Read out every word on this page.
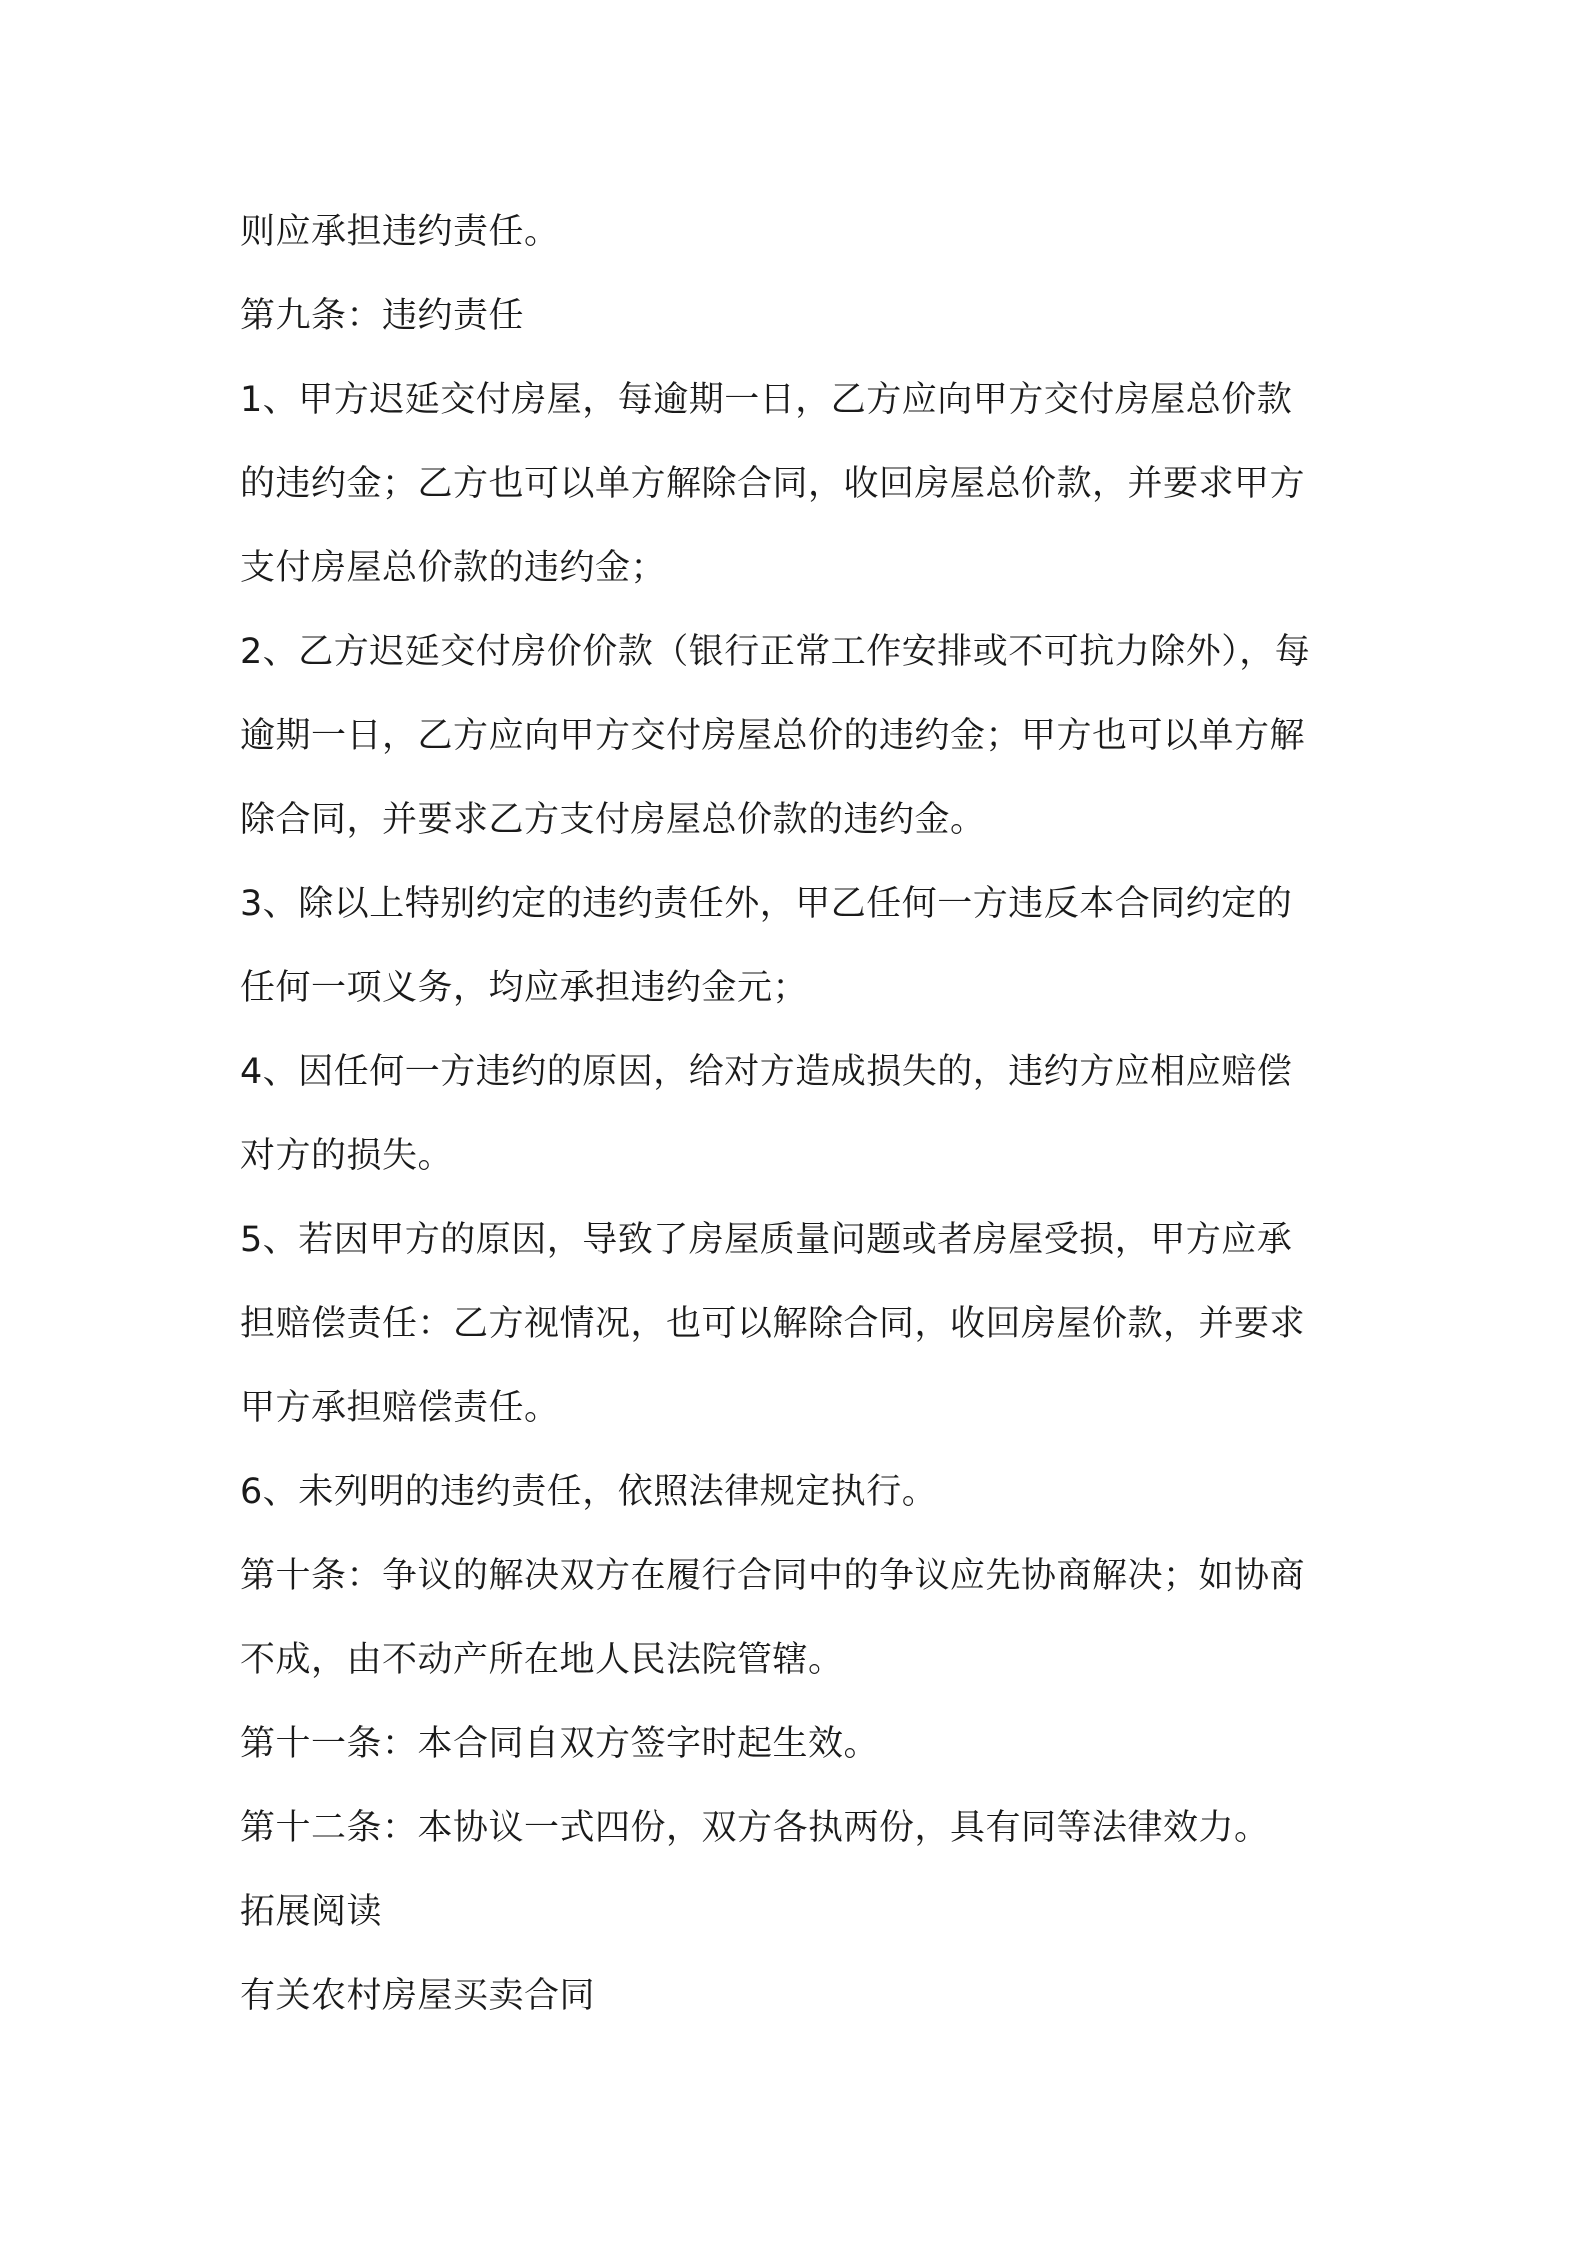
则应承担违约责任。
第九条：违约责任
1、甲方迟延交付房屋，每逾期一日，乙方应向甲方交付房屋总价款
的违约金；乙方也可以单方解除合同，收回房屋总价款，并要求甲方
支付房屋总价款的违约金；
2、乙方迟延交付房价价款（银行正常工作安排或不可抗力除外），每
逾期一日，乙方应向甲方交付房屋总价的违约金；甲方也可以单方解
除合同，并要求乙方支付房屋总价款的违约金。
3、除以上特别约定的违约责任外，甲乙任何一方违反本合同约定的
任何一项义务，均应承担违约金元；
4、因任何一方违约的原因，给对方造成损失的，违约方应相应赔偿
对方的损失。
5、若因甲方的原因，导致了房屋质量问题或者房屋受损，甲方应承
担赔偿责任：乙方视情况，也可以解除合同，收回房屋价款，并要求
甲方承担赔偿责任。
6、未列明的违约责任，依照法律规定执行。
第十条：争议的解决双方在履行合同中的争议应先协商解决；如协商
不成，由不动产所在地人民法院管辖。
第十一条：本合同自双方签字时起生效。
第十二条：本协议一式四份，双方各执两份，具有同等法律效力。
拓展阅读
有关农村房屋买卖合同
